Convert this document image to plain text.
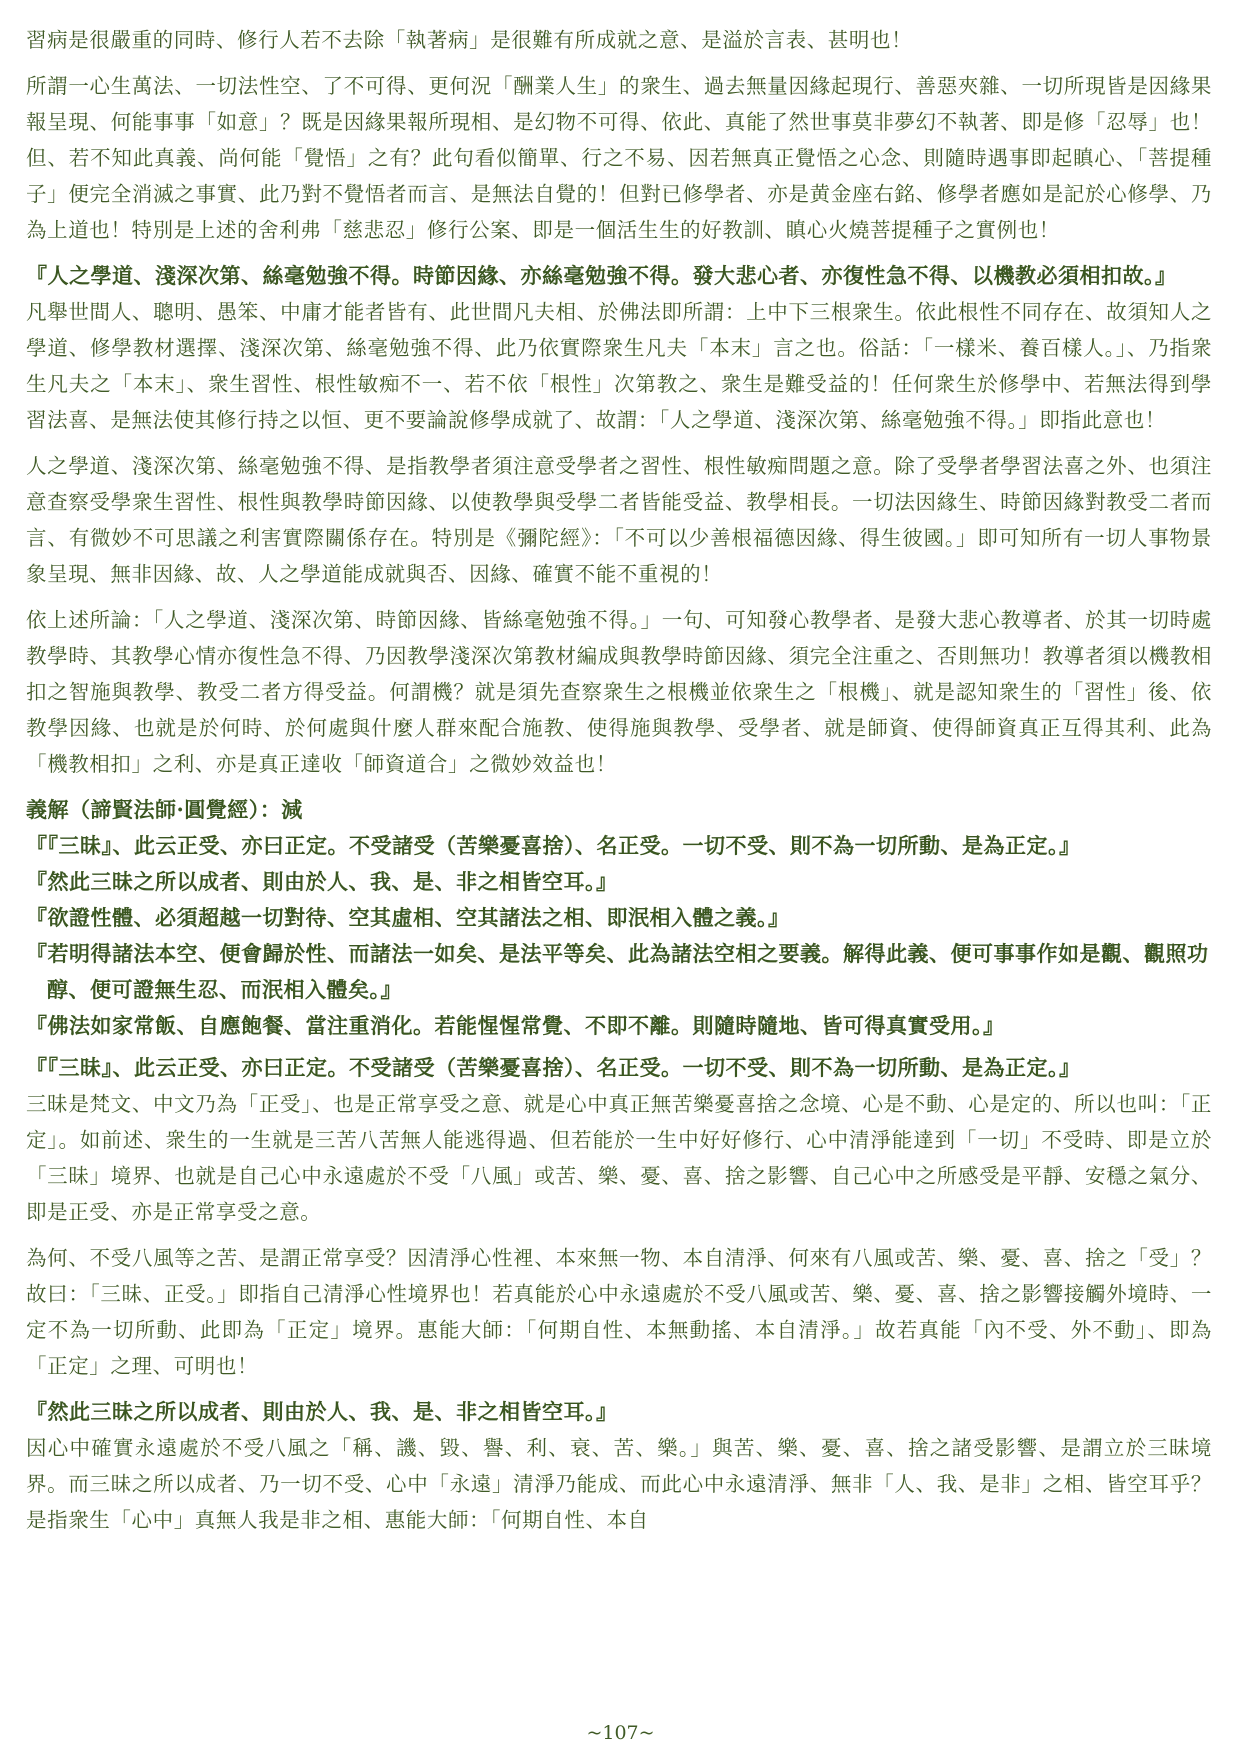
習病是很嚴重的同時、修行人若不去除「執著病」是很難有所成就之意、是溢於言表、甚明也！

所謂一心生萬法、一切法性空、了不可得、更何況「酬業人生」的衆生、過去無量因緣起現行、善惡夾雜、一切所現皆是因緣果報呈現、何能事事「如意」？既是因緣果報所現相、是幻物不可得、依此、真能了然世事莫非夢幻不執著、即是修「忍辱」也！但、若不知此真義、尚何能「覺悟」之有？此句看似簡單、行之不易、因若無真正覺悟之心念、則隨時遇事即起瞋心、「菩提種子」便完全消滅之事實、此乃對不覺悟者而言、是無法自覺的！但對已修學者、亦是黄金座右銘、修學者應如是記於心修學、乃為上道也！特別是上述的舍利弗「慈悲忍」修行公案、即是一個活生生的好教訓、瞋心火燒菩提種子之實例也！

『人之學道、淺深次第、絲毫勉強不得。時節因緣、亦絲毫勉強不得。發大悲心者、亦復性急不得、以機教必須相扣故。』

凡舉世間人、聰明、愚笨、中庸才能者皆有、此世間凡夫相、於佛法即所謂：上中下三根衆生。依此根性不同存在、故須知人之學道、修學教材選擇、淺深次第、絲毫勉強不得、此乃依實際衆生凡夫「本末」言之也。俗話：「一樣米、養百樣人。」、乃指衆生凡夫之「本末」、衆生習性、根性敏痴不一、若不依「根性」次第教之、衆生是難受益的！任何衆生於修學中、若無法得到學習法喜、是無法使其修行持之以恒、更不要論說修學成就了、故謂：「人之學道、淺深次第、絲毫勉強不得。」即指此意也！

人之學道、淺深次第、絲毫勉強不得、是指教學者須注意受學者之習性、根性敏痴問題之意。除了受學者學習法喜之外、也須注意查察受學衆生習性、根性與教學時節因緣、以使教學與受學二者皆能受益、教學相長。一切法因緣生、時節因緣對教受二者而言、有微妙不可思議之利害實際關係存在。特別是《彌陀經》：「不可以少善根福德因緣、得生彼國。」即可知所有一切人事物景象呈現、無非因緣、故、人之學道能成就與否、因緣、確實不能不重視的！

依上述所論：「人之學道、淺深次第、時節因緣、皆絲毫勉強不得。」一句、可知發心教學者、是發大悲心教導者、於其一切時處教學時、其教學心情亦復性急不得、乃因教學淺深次第教材編成與教學時節因緣、須完全注重之、否則無功！教導者須以機教相扣之智施與教學、教受二者方得受益。何謂機？就是須先查察衆生之根機並依衆生之「根機」、就是認知衆生的「習性」後、依教學因緣、也就是於何時、於何處與什麼人群來配合施教、使得施與教學、受學者、就是師資、使得師資真正互得其利、此為「機教相扣」之利、亦是真正達收「師資道合」之微妙效益也！

義解（諦賢法師·圓覺經）：減

『『三昧』、此云正受、亦曰正定。不受諸受（苦樂憂喜捨）、名正受。一切不受、則不為一切所動、是為正定。』

『然此三昧之所以成者、則由於人、我、是、非之相皆空耳。』

『欲證性體、必須超越一切對待、空其虛相、空其諸法之相、即泯相入體之義。』

『若明得諸法本空、便會歸於性、而諸法一如矣、是法平等矣、此為諸法空相之要義。解得此義、便可事事作如是觀、觀照功醇、便可證無生忍、而泯相入體矣。』

『佛法如家常飯、自應飽餐、當注重消化。若能惺惺常覺、不即不離。則隨時隨地、皆可得真實受用。』

『『三昧』、此云正受、亦曰正定。不受諸受（苦樂憂喜捨）、名正受。一切不受、則不為一切所動、是為正定。』

三昧是梵文、中文乃為「正受」、也是正常享受之意、就是心中真正無苦樂憂喜捨之念境、心是不動、心是定的、所以也叫：「正定」。如前述、衆生的一生就是三苦八苦無人能逃得過、但若能於一生中好好修行、心中清淨能達到「一切」不受時、即是立於「三昧」境界、也就是自己心中永遠處於不受「八風」或苦、樂、憂、喜、捨之影響、自己心中之所感受是平靜、安穩之氣分、即是正受、亦是正常享受之意。

為何、不受八風等之苦、是謂正常享受？因清淨心性裡、本來無一物、本自清淨、何來有八風或苦、樂、憂、喜、捨之「受」？故曰：「三昧、正受。」即指自己清淨心性境界也！若真能於心中永遠處於不受八風或苦、樂、憂、喜、捨之影響接觸外境時、一定不為一切所動、此即為「正定」境界。惠能大師：「何期自性、本無動搖、本自清淨。」故若真能「內不受、外不動」、即為「正定」之理、可明也！

『然此三昧之所以成者、則由於人、我、是、非之相皆空耳。』

因心中確實永遠處於不受八風之「稱、譏、毀、譽、利、衰、苦、樂。」與苦、樂、憂、喜、捨之諸受影響、是謂立於三昧境界。而三昧之所以成者、乃一切不受、心中「永遠」清淨乃能成、而此心中永遠清淨、無非「人、我、是非」之相、皆空耳乎？是指衆生「心中」真無人我是非之相、惠能大師：「何期自性、本自

~107~
